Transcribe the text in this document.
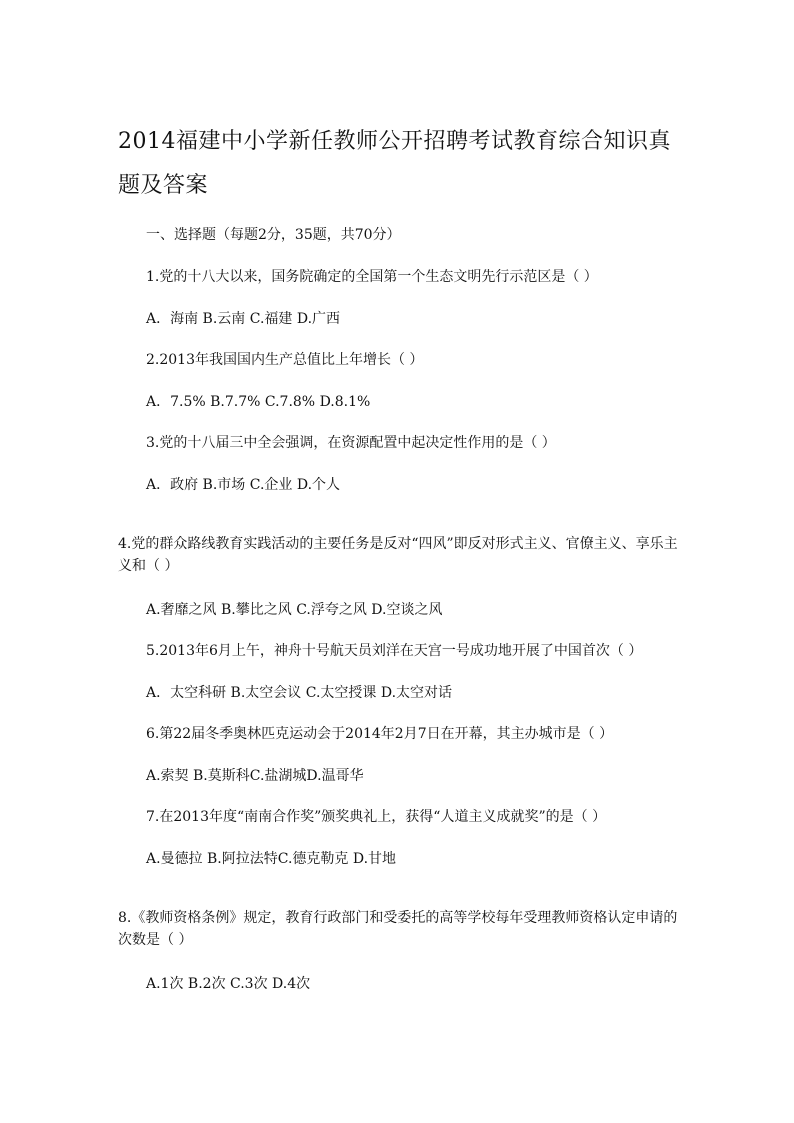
2014福建中小学新任教师公开招聘考试教育综合知识真题及答案
一、选择题（每题2分，35题，共70分）
1.党的十八大以来，国务院确定的全国第一个生态文明先行示范区是（ ）
A．海南 B.云南 C.福建 D.广西
2.2013年我国国内生产总值比上年增长（ ）
A．7.5% B.7.7% C.7.8% D.8.1%
3.党的十八届三中全会强调，在资源配置中起决定性作用的是（ ）
A．政府 B.市场 C.企业 D.个人
4.党的群众路线教育实践活动的主要任务是反对“四风”即反对形式主义、官僚主义、享乐主义和（ ）
A.奢靡之风 B.攀比之风 C.浮夸之风 D.空谈之风
5.2013年6月上午，神舟十号航天员刘洋在天宫一号成功地开展了中国首次（ ）
A．太空科研 B.太空会议 C.太空授课 D.太空对话
6.第22届冬季奥林匹克运动会于2014年2月7日在开幕，其主办城市是（ ）
A.索契 B.莫斯科C.盐湖城D.温哥华
7.在2013年度“南南合作奖”颁奖典礼上，获得“人道主义成就奖”的是（ ）
A.曼德拉 B.阿拉法特C.德克勒克 D.甘地
8.《教师资格条例》规定，教育行政部门和受委托的高等学校每年受理教师资格认定申请的次数是（ ）
A.1次 B.2次 C.3次 D.4次
